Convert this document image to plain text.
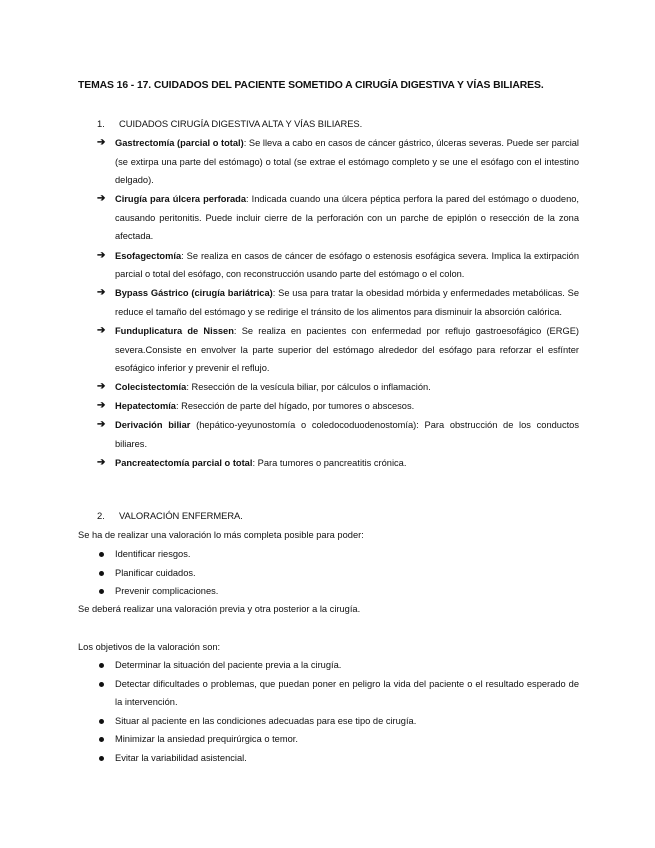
TEMAS 16 - 17. CUIDADOS DEL PACIENTE SOMETIDO A CIRUGÍA DIGESTIVA Y VÍAS BILIARES.
1. CUIDADOS CIRUGÍA DIGESTIVA ALTA Y VÍAS BILIARES.
➔ Gastrectomía (parcial o total): Se lleva a cabo en casos de cáncer gástrico, úlceras severas. Puede ser parcial (se extirpa una parte del estómago) o total (se extrae el estómago completo y se une el esófago con el intestino delgado).
➔ Cirugía para úlcera perforada: Indicada cuando una úlcera péptica perfora la pared del estómago o duodeno, causando peritonitis. Puede incluir cierre de la perforación con un parche de epiplón o resección de la zona afectada.
➔ Esofagectomía: Se realiza en casos de cáncer de esófago o estenosis esofágica severa. Implica la extirpación parcial o total del esófago, con reconstrucción usando parte del estómago o el colon.
➔ Bypass Gástrico (cirugía bariátrica): Se usa para tratar la obesidad mórbida y enfermedades metabólicas. Se reduce el tamaño del estómago y se redirige el tránsito de los alimentos para disminuir la absorción calórica.
➔ Funduplicatura de Nissen: Se realiza en pacientes con enfermedad por reflujo gastroesofágico (ERGE) severa.Consiste en envolver la parte superior del estómago alrededor del esófago para reforzar el esfínter esofágico inferior y prevenir el reflujo.
➔ Colecistectomía: Resección de la vesícula biliar, por cálculos o inflamación.
➔ Hepatectomía: Resección de parte del hígado, por tumores o abscesos.
➔ Derivación biliar (hepático-yeyunostomía o coledocoduodenostomía): Para obstrucción de los conductos biliares.
➔ Pancreatectomía parcial o total: Para tumores o pancreatitis crónica.
2. VALORACIÓN ENFERMERA.
Se ha de realizar una valoración lo más completa posible para poder:
Identificar riesgos.
Planificar cuidados.
Prevenir complicaciones.
Se deberá realizar una valoración previa y otra posterior a la cirugía.
Los objetivos de la valoración son:
Determinar la situación del paciente previa a la cirugía.
Detectar dificultades o problemas, que puedan poner en peligro la vida del paciente o el resultado esperado de la intervención.
Situar al paciente en las condiciones adecuadas para ese tipo de cirugía.
Minimizar la ansiedad prequirúrgica o temor.
Evitar la variabilidad asistencial.
